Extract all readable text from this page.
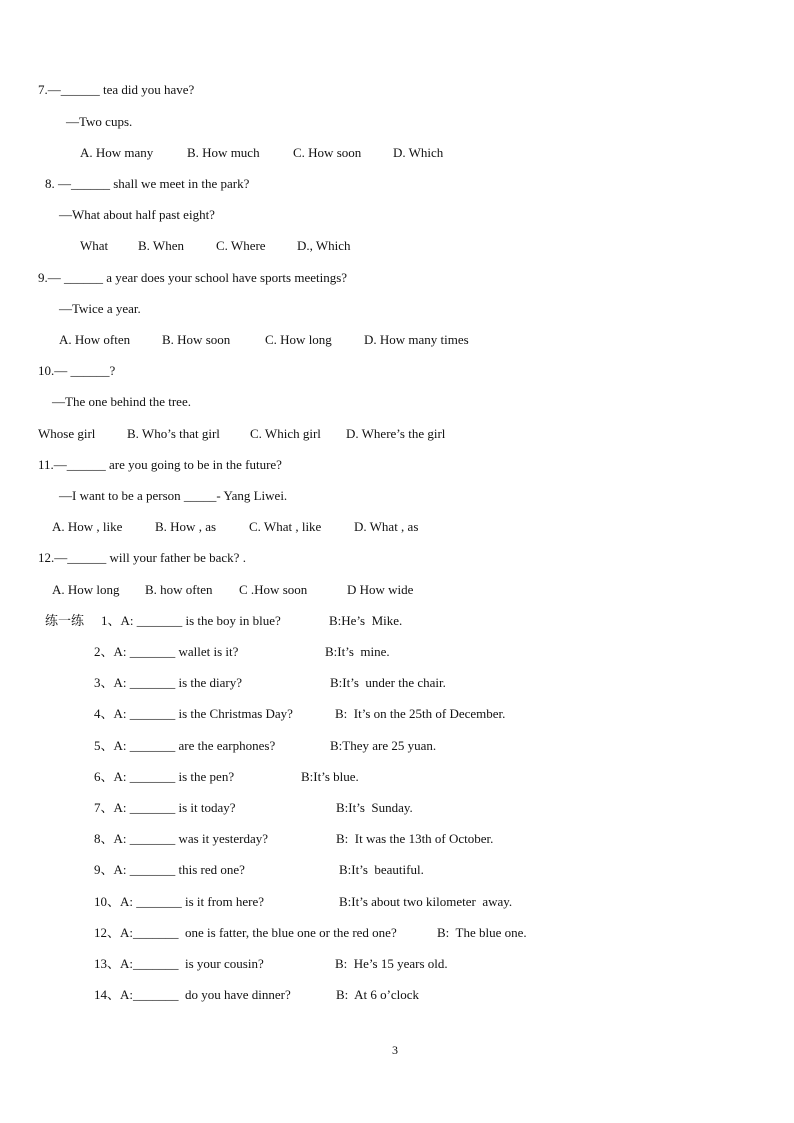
7.—______ tea did you have?
—Two cups.
A. How many	B. How much	C. How soon D. Which
8. —______ shall we meet in the park?
—What about half past eight?
What B. When C. Where D., Which
9.— ______ a year does your school have sports meetings?
—Twice a year.
A. How often B. How soon	C. How long D. How many times
10.— ______?
—The one behind the tree.
Whose girl B. Who’s that girl C. Which girl D. Where’s the girl
11.—______ are you going to be in the future?
—I want to be a person _____- Yang Liwei.
A. How , like	B. How , as	C. What , like	D. What , as
12.—______ will your father be back? .
A. How long B. how often C .How soon	D How wide
练一练 1、A: _______ is the boy in blue?	B:He’s  Mike.
2、A: _______ wallet is it?	B:It’s  mine.
3、A: _______ is the diary?	B:It’s  under the chair.
4、A: _______ is the Christmas Day?	B:  It’s on the 25th of December.
5、A: _______ are the earphones?	B:They are 25 yuan.
6、A: _______ is the pen?	B:It’s blue.
7、A: _______ is it today?	B:It’s  Sunday.
8、A: _______ was it yesterday?	B:  It was the 13th of October.
9、A: _______ this red one?	B:It’s  beautiful.
10、A: _______ is it from here?	B:It’s about two kilometer  away.
12、A:_______  one is fatter, the blue one or the red one?	B:  The blue one.
13、A:_______  is your cousin?	B:  He’s 15 years old.
14、A:_______  do you have dinner?	B:  At 6 o’clock
3
